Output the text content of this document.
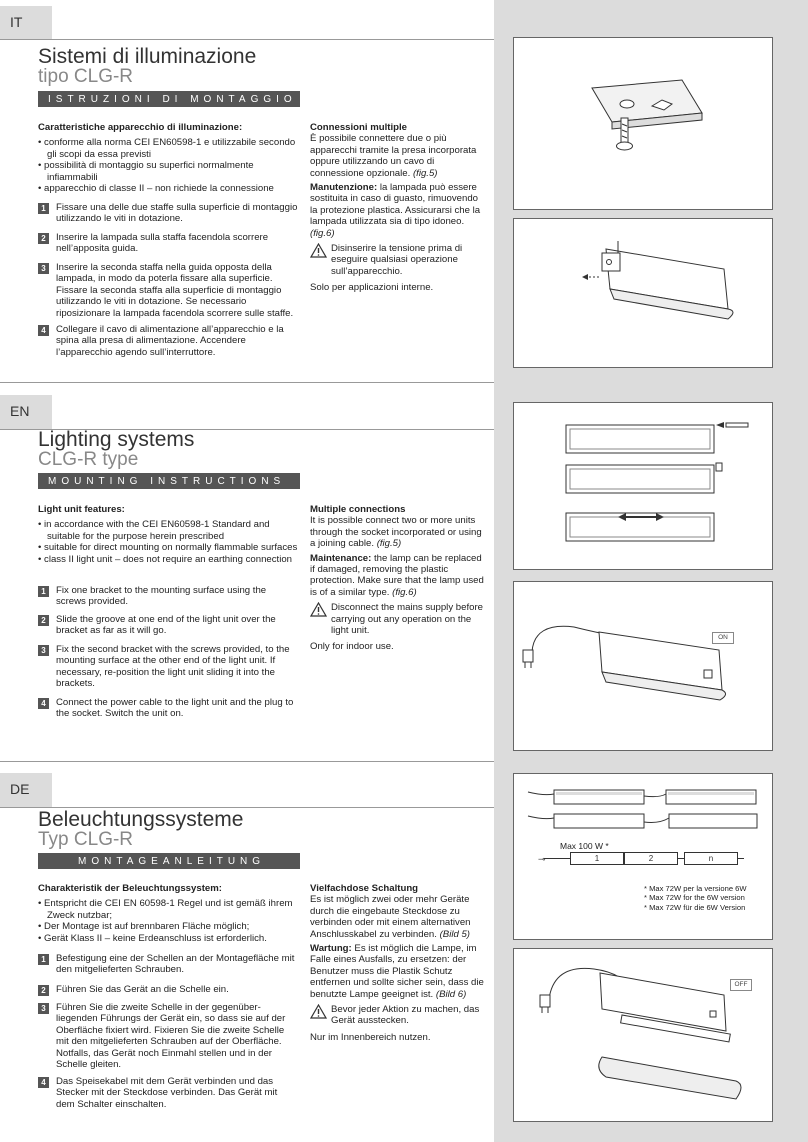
IT
Sistemi di illuminazione
tipo CLG-R
ISTRUZIONI DI MONTAGGIO
Caratteristiche apparecchio di illuminazione:
• conforme alla norma CEI EN60598-1 e utilizzabile secondo gli scopi da essa previsti
• possibilità di montaggio su superfici normalmente infiammabili
• apparecchio di classe II – non richiede la connessione
1	Fissare una delle due staffe sulla superficie di montaggio utilizzando le viti in dotazione.
2	Inserire la lampada sulla staffa facendola scorrere nell’apposita guida.
3	Inserire la seconda staffa nella guida opposta della lampada, in modo da poterla fissare alla superficie. Fissare la seconda staffa alla superficie di montaggio utilizzando le viti in dotazione. Se necessario riposizionare la lampada facendola scorrere sulle staffe.
4	Collegare il cavo di alimentazione all’apparecchio e la spina alla presa di alimentazione. Accendere l’apparecchio agendo sull’interruttore.
Connessioni multiple
È possibile connettere due o più apparecchi tramite la presa incorporata oppure utilizzando un cavo di connessione opzionale. (fig.5)
Manutenzione: la lampada può essere sostituita in caso di guasto, rimuovendo la protezione plastica. Assicurarsi che la lampada utilizzata sia di tipo idoneo. (fig.6)
Disinserire la tensione prima di eseguire qualsiasi operazione sull’apparecchio.
Solo per applicazioni interne.
EN
Lighting systems
CLG-R type
MOUNTING INSTRUCTIONS
Light unit features:
• in accordance with the CEI EN60598-1 Standard and suitable for the purpose herein prescribed
• suitable for direct mounting on normally flammable surfaces
• class II light unit – does not require an earthing connection
1	Fix one bracket to the mounting surface using the screws provided.
2	Slide the groove at one end of the light unit over the bracket as far as it will go.
3	Fix the second bracket with the screws provided, to the mounting surface at the other end of the light unit. If necessary, re-position the light unit sliding it into the brackets.
4	Connect the power cable to the light unit and the plug to the socket. Switch the unit on.
Multiple connections
It is possible connect two or more units through the socket incorporated or using a joining cable. (fig.5)
Maintenance: the lamp can be replaced if damaged, removing the plastic protection. Make sure that the lamp used is of a similar type. (fig.6)
Disconnect the mains supply before carrying out any operation on the light unit.
Only for indoor use.
DE
Beleuchtungssysteme
Typ CLG-R
MONTAGEANLEITUNG
Charakteristik der Beleuchtungssystem:
• Entspricht die CEI EN 60598-1 Regel und ist gemäß ihrem Zweck nutzbar;
• Der Montage ist auf brennbaren Fläche möglich;
• Gerät Klass II – keine Erdeanschluss ist erforderlich.
1	Befestigung eine der Schellen an der Montagefläche mit den mitgelieferten Schrauben.
2	Führen Sie das Gerät an die Schelle ein.
3	Führen Sie die zweite Schelle in der gegenüber-liegenden Führungs der Gerät ein, so dass sie auf der Oberfläche fixiert wird. Fixieren Sie die zweite Schelle mit den mitgelieferten Schrauben auf der Oberfläche. Notfalls, das Gerät noch Einmahl stellen und in der Schelle gleiten.
4	Das Speisekabel mit dem Gerät verbinden und das Stecker mit der Steckdose verbinden. Das Gerät mit dem Schalter einschalten.
Vielfachdose Schaltung
Es ist möglich zwei oder mehr Geräte durch die eingebaute Steckdose zu verbinden oder mit einem alternativen Anschlusskabel zu verbinden. (Bild 5)
Wartung: Es ist möglich die Lampe, im Falle eines Ausfalls, zu ersetzen: der Benutzer muss die Plastik Schutz entfernen und sollte sicher sein, dass die benutzte Lampe geeignet ist. (Bild 6)
Bevor jeder Aktion zu machen, das Gerät ausstecken.
Nur im Innenbereich nutzen.
ON
Max 100 W *
1	2	n
⊸
* Max 72W per la versione 6W
* Max 72W for the 6W version
* Max 72W für die 6W Version
OFF
